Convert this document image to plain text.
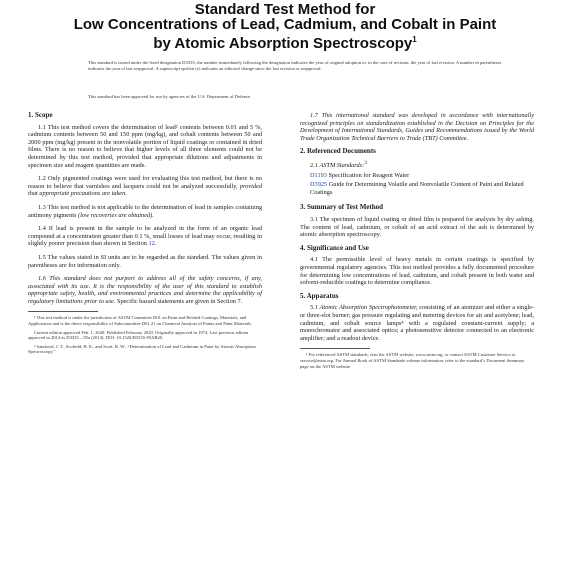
Standard Test Method for
Low Concentrations of Lead, Cadmium, and Cobalt in Paint
by Atomic Absorption Spectroscopy$^1$
This standard is issued under the fixed designation D3335; the number immediately following the designation indicates the year of original adoption or, in the case of revision, the year of last revision. A number in parentheses indicates the year of last reapproval. A superscript epsilon (ε) indicates an editorial change since the last revision or reapproval.
This standard has been approved for use by agencies of the U.S. Department of Defense.
1. Scope

1.1 This test method covers the determination of lead² contents between 0.01 and 5 %, cadmium contents between 50 and 150 ppm (mg/kg), and cobalt contents between 50 and 2000 ppm (mg/kg) present in the nonvolatile portion of liquid coatings or contained in dried films. There is no reason to believe that higher levels of all three elements could not be determined by this test method, provided that appropriate dilutions and adjustments in specimen size and reagent quantities are made.

1.2 Only pigmented coatings were used for evaluating this test method, but there is no reason to believe that varnishes and lacquers could not be analyzed successfully, provided that appropriate precautions are taken.

1.3 This test method is not applicable to the determination of lead in samples containing antimony pigments (low recoveries are obtained).

1.4 If lead is present in the sample to be analyzed in the form of an organic lead compound at a concentration greater than 0.1 %, small losses of lead may occur, resulting in slightly poorer precision than shown in Section 12.

1.5 The values stated in SI units are to be regarded as the standard. The values given in parentheses are for information only.

1.6 This standard does not purport to address all of the safety concerns, if any, associated with its use. It is the responsibility of the user of this standard to establish appropriate safety, health, and environmental practices and determine the applicability of regulatory limitations prior to use. Specific hazard statements are given in Section 7.

¹ This test method is under the jurisdiction of ASTM Committee D01 on Paint and Related Coatings, Materials, and Applications and is the direct responsibility of Subcommittee D01.21 on Chemical Analysis of Paints and Paint Materials.
Current edition approved Feb. 1, 2020. Published February 2020. Originally approved in 1974. Last previous edition approved in 2014 as D3335 – 85a (2014). DOI: 10.1520/D3335-85AR20.
² Sandoval, J. T., Scofield, H. E., and Scott, R. W., “Determination of Lead and Cadmium in Paint by Atomic Absorption Spectroscopy.”

1.7 This international standard was developed in accordance with internationally recognized principles on standardization established in the Decision on Principles for the Development of International Standards, Guides and Recommendations issued by the World Trade Organization Technical Barriers to Trade (TBT) Committee.

2. Referenced Documents
2.1 ASTM Standards:$^3$
D1193 Specification for Reagent Water
D3925 Guide for Determining Volatile and Nonvolatile Content of Paint and Related Coatings
3. Summary of Test Method

3.1 The specimen of liquid coating or dried film is prepared for analysis by dry ashing. The content of lead, cadmium, or cobalt of an acid extract of the ash is determined by atomic absorption spectroscopy.

4. Significance and Use

4.1 The permissible level of heavy metals in certain coatings is specified by governmental regulatory agencies. This test method provides a fully documented procedure for determining low concentrations of lead, cadmium, and cobalt present in both water and solvent-reducible coatings to determine compliance.

5. Apparatus

5.1 Atomic Absorption Spectrophotometer, consisting of an atomizer and either a single- or three-slot burner; gas pressure regulating and metering devices for air and acetylene; lead, cadmium, and cobalt source lamps⁴ with a regulated constant-current supply; a monochromator and associated optics; a photosensitive detector connected to an electronic amplifier; and a readout device.

³ For referenced ASTM standards, visit the ASTM website, www.astm.org, or contact ASTM Customer Service at service@astm.org. For Annual Book of ASTM Standards volume information, refer to the standard’s Document Summary page on the ASTM website.
